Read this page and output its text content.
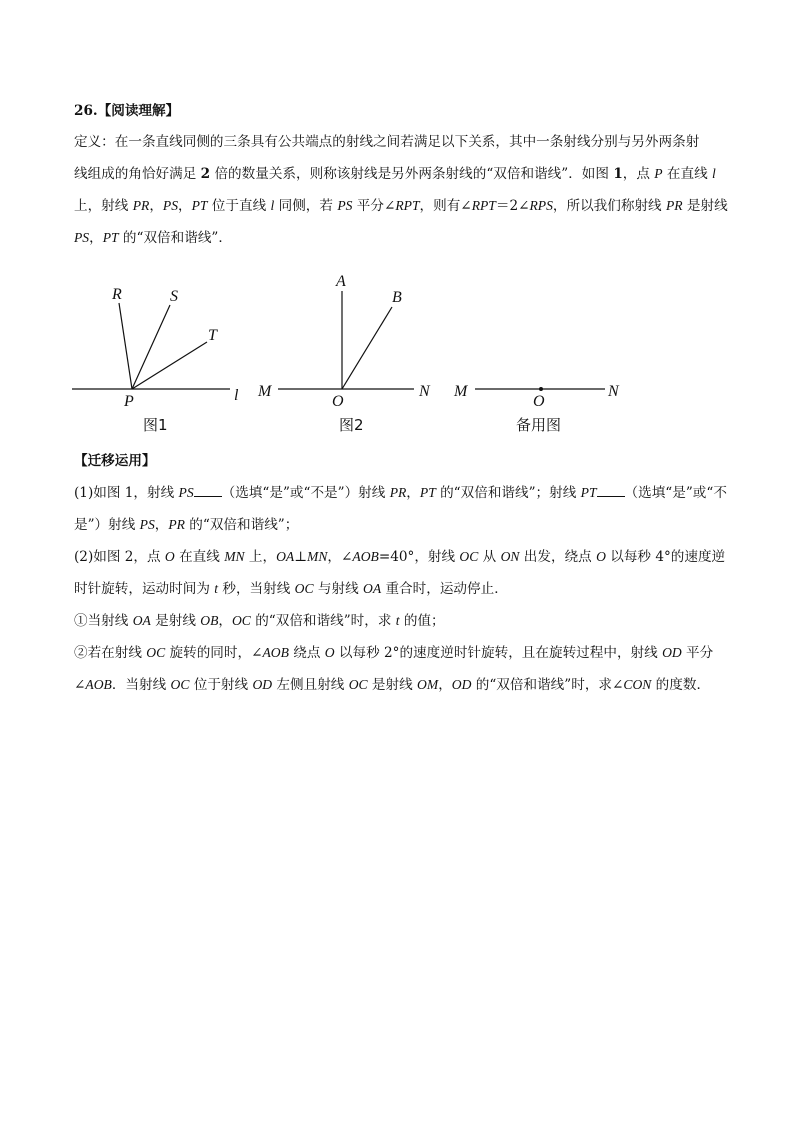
26.【阅读理解】
定义：在一条直线同侧的三条具有公共端点的射线之间若满足以下关系，其中一条射线分别与另外两条射
线组成的角恰好满足 2 倍的数量关系，则称该射线是另外两条射线的“双倍和谐线”．如图 1，点 P 在直线 l
上，射线 PR，PS，PT 位于直线 l 同侧，若 PS 平分∠RPT，则有∠RPT＝2∠RPS，所以我们称射线 PR 是射线
PS，PT 的“双倍和谐线”．
R	S
T
P	l
图1
A
B
M
O
N
图2
M
O
N
备用图
【迁移运用】
(1)如图 1，射线 PS （选填“是”或“不是”）射线 PR，PT 的“双倍和谐线”；射线 PT （选填“是”或“不
是”）射线 PS，PR 的“双倍和谐线”；
(2)如图 2，点 O 在直线 MN 上，OA⊥MN，∠AOB=40°，射线 OC 从 ON 出发，绕点 O 以每秒 4°的速度逆
时针旋转，运动时间为 t 秒，当射线 OC 与射线 OA 重合时，运动停止．
①当射线 OA 是射线 OB，OC 的“双倍和谐线”时，求 t 的值；
②若在射线 OC 旋转的同时，∠AOB 绕点 O 以每秒 2°的速度逆时针旋转，且在旋转过程中，射线 OD 平分
∠AOB．当射线 OC 位于射线 OD 左侧且射线 OC 是射线 OM，OD 的“双倍和谐线”时，求∠CON 的度数．
